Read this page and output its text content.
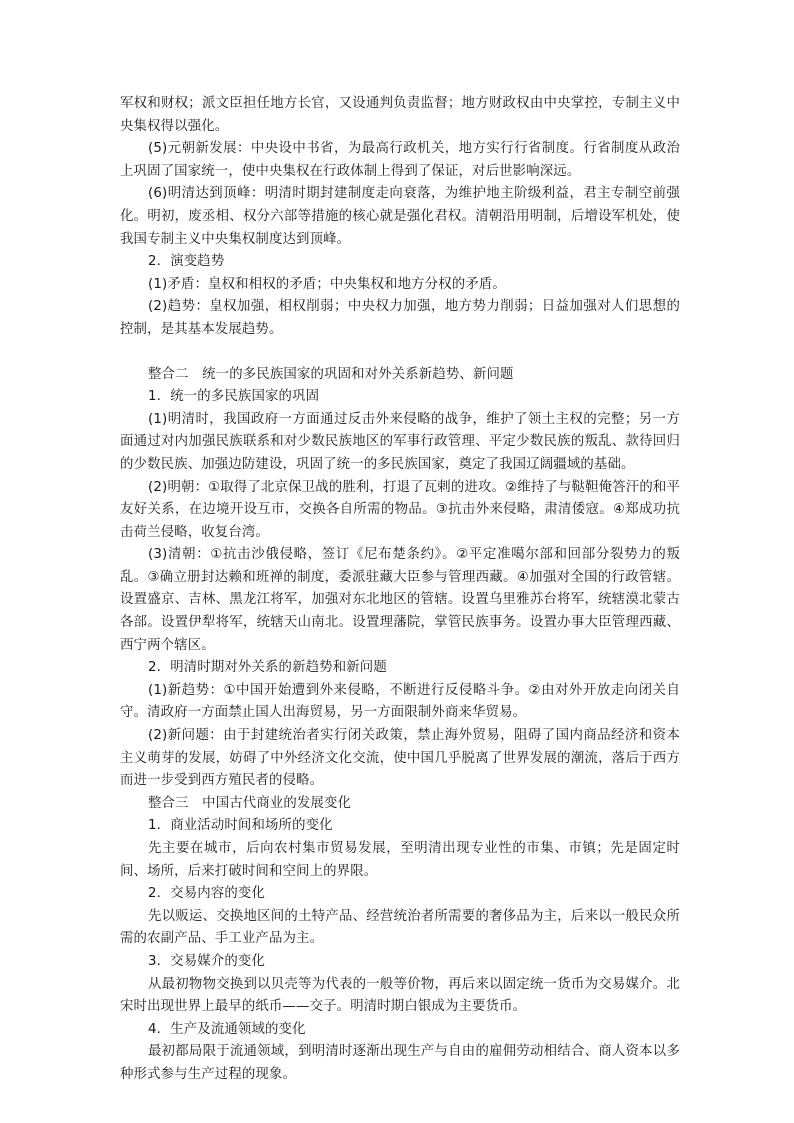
军权和财权；派文臣担任地方长官，又设通判负责监督；地方财政权由中央掌控，专制主义中央集权得以强化。

(5)元朝新发展：中央设中书省，为最高行政机关，地方实行行省制度。行省制度从政治上巩固了国家统一，使中央集权在行政体制上得到了保证，对后世影响深远。

(6)明清达到顶峰：明清时期封建制度走向衰落，为维护地主阶级利益，君主专制空前强化。明初，废丞相、权分六部等措施的核心就是强化君权。清朝沿用明制，后增设军机处，使我国专制主义中央集权制度达到顶峰。

2．演变趋势

(1)矛盾：皇权和相权的矛盾；中央集权和地方分权的矛盾。

(2)趋势：皇权加强，相权削弱；中央权力加强，地方势力削弱；日益加强对人们思想的控制，是其基本发展趋势。

整合二　统一的多民族国家的巩固和对外关系新趋势、新问题

1．统一的多民族国家的巩固

(1)明清时，我国政府一方面通过反击外来侵略的战争，维护了领土主权的完整；另一方面通过对内加强民族联系和对少数民族地区的军事行政管理、平定少数民族的叛乱、款待回归的少数民族、加强边防建设，巩固了统一的多民族国家，奠定了我国辽阔疆域的基础。

(2)明朝：①取得了北京保卫战的胜利，打退了瓦剌的进攻。②维持了与鞑靼俺答汗的和平友好关系，在边境开设互市，交换各自所需的物品。③抗击外来侵略，肃清倭寇。④郑成功抗击荷兰侵略，收复台湾。

(3)清朝：①抗击沙俄侵略，签订《尼布楚条约》。②平定准噶尔部和回部分裂势力的叛乱。③确立册封达赖和班禅的制度，委派驻藏大臣参与管理西藏。④加强对全国的行政管辖。设置盛京、吉林、黑龙江将军，加强对东北地区的管辖。设置乌里雅苏台将军，统辖漠北蒙古各部。设置伊犁将军，统辖天山南北。设置理藩院，掌管民族事务。设置办事大臣管理西藏、西宁两个辖区。

2．明清时期对外关系的新趋势和新问题

(1)新趋势：①中国开始遭到外来侵略，不断进行反侵略斗争。②由对外开放走向闭关自守。清政府一方面禁止国人出海贸易，另一方面限制外商来华贸易。

(2)新问题：由于封建统治者实行闭关政策，禁止海外贸易，阻碍了国内商品经济和资本主义萌芽的发展，妨碍了中外经济文化交流，使中国几乎脱离了世界发展的潮流，落后于西方而进一步受到西方殖民者的侵略。

整合三　中国古代商业的发展变化

1．商业活动时间和场所的变化

先主要在城市，后向农村集市贸易发展，至明清出现专业性的市集、市镇；先是固定时间、场所，后来打破时间和空间上的界限。

2．交易内容的变化

先以贩运、交换地区间的土特产品、经营统治者所需要的奢侈品为主，后来以一般民众所需的农副产品、手工业产品为主。

3．交易媒介的变化

从最初物物交换到以贝壳等为代表的一般等价物，再后来以固定统一货币为交易媒介。北宋时出现世界上最早的纸币——交子。明清时期白银成为主要货币。

4．生产及流通领域的变化

最初都局限于流通领域，到明清时逐渐出现生产与自由的雇佣劳动相结合、商人资本以多种形式参与生产过程的现象。
